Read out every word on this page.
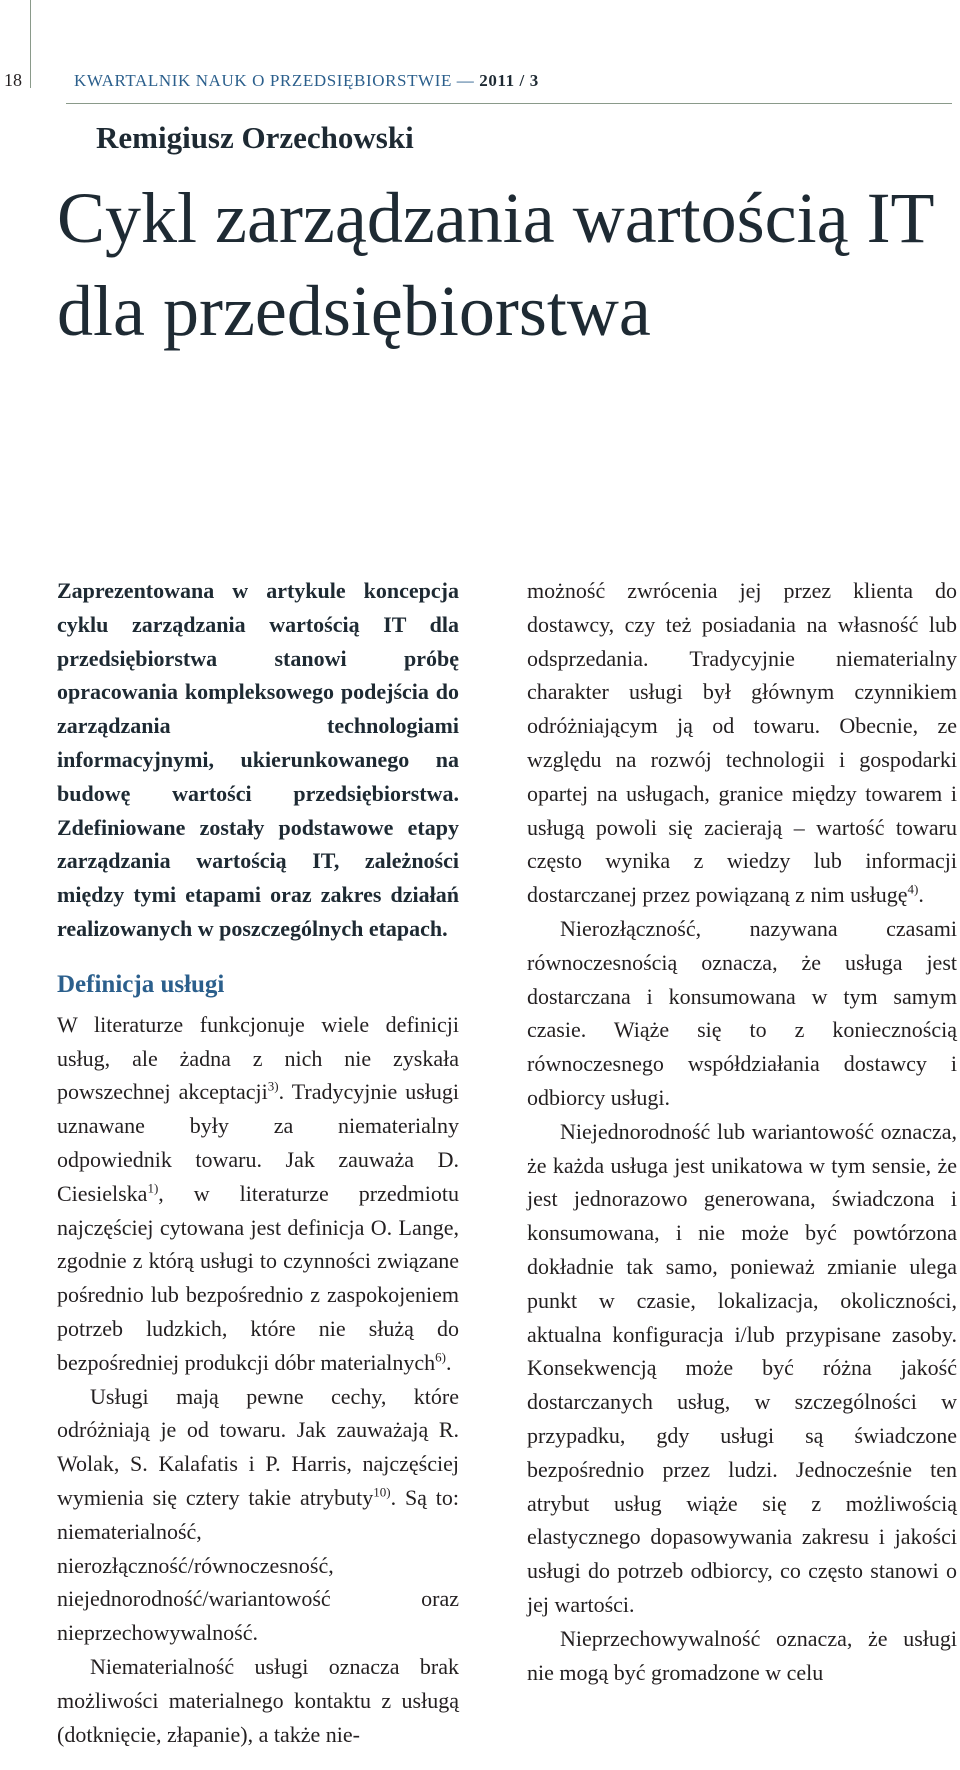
18	KWARTALNIK NAUK O PRZEDSIĘBIORSTWIE — 2011 / 3
Remigiusz Orzechowski
Cykl zarządzania wartością IT
dla przedsiębiorstwa

Zaprezentowana w artykule koncepcja cyklu zarządzania wartością IT dla przedsiębiorstwa stanowi próbę opracowania kompleksowego podejścia do zarządzania technologiami informacyjnymi, ukierunkowanego na budowę wartości przedsiębiorstwa. Zdefiniowane zostały podstawowe etapy zarządzania wartością IT, zależności między tymi etapami oraz zakres działań realizowanych w poszczególnych etapach.

Definicja usługi

W literaturze funkcjonuje wiele definicji usług, ale żadna z nich nie zyskała powszechnej akceptacji$^{3)}$. Tradycyjnie usługi uznawane były za niematerialny odpowiednik towaru. Jak zauważa D. Ciesielska$^{1)}$, w literaturze przedmiotu najczęściej cytowana jest definicja O. Lange, zgodnie z którą usługi to czynności związane pośrednio lub bezpośrednio z zaspokojeniem potrzeb ludzkich, które nie służą do bezpośredniej produkcji dóbr materialnych$^{6)}$.

Usługi mają pewne cechy, które odróżniają je od towaru. Jak zauważają R. Wolak, S. Kalafatis i P. Harris, najczęściej wymienia się cztery takie atrybuty$^{10)}$. Są to: niematerialność, nierozłączność/równoczesność, niejednorodność/wariantowość oraz nieprzechowywalność.

Niematerialność usługi oznacza brak możliwości materialnego kontaktu z usługą (dotknięcie, złapanie), a także nie-

możność zwrócenia jej przez klienta do dostawcy, czy też posiadania na własność lub odsprzedania. Tradycyjnie niematerialny charakter usługi był głównym czynnikiem odróżniającym ją od towaru. Obecnie, ze względu na rozwój technologii i gospodarki opartej na usługach, granice między towarem i usługą powoli się zacierają – wartość towaru często wynika z wiedzy lub informacji dostarczanej przez powiązaną z nim usługę$^{4)}$.

Nierozłączność, nazywana czasami równoczesnością oznacza, że usługa jest dostarczana i konsumowana w tym samym czasie. Wiąże się to z koniecznością równoczesnego współdziałania dostawcy i odbiorcy usługi.

Niejednorodność lub wariantowość oznacza, że każda usługa jest unikatowa w tym sensie, że jest jednorazowo generowana, świadczona i konsumowana, i nie może być powtórzona dokładnie tak samo, ponieważ zmianie ulega punkt w czasie, lokalizacja, okoliczności, aktualna konfiguracja i/lub przypisane zasoby. Konsekwencją może być różna jakość dostarczanych usług, w szczególności w przypadku, gdy usługi są świadczone bezpośrednio przez ludzi. Jednocześnie ten atrybut usług wiąże się z możliwością elastycznego dopasowywania zakresu i jakości usługi do potrzeb odbiorcy, co często stanowi o jej wartości.

Nieprzechowywalność oznacza, że usługi nie mogą być gromadzone w celu
